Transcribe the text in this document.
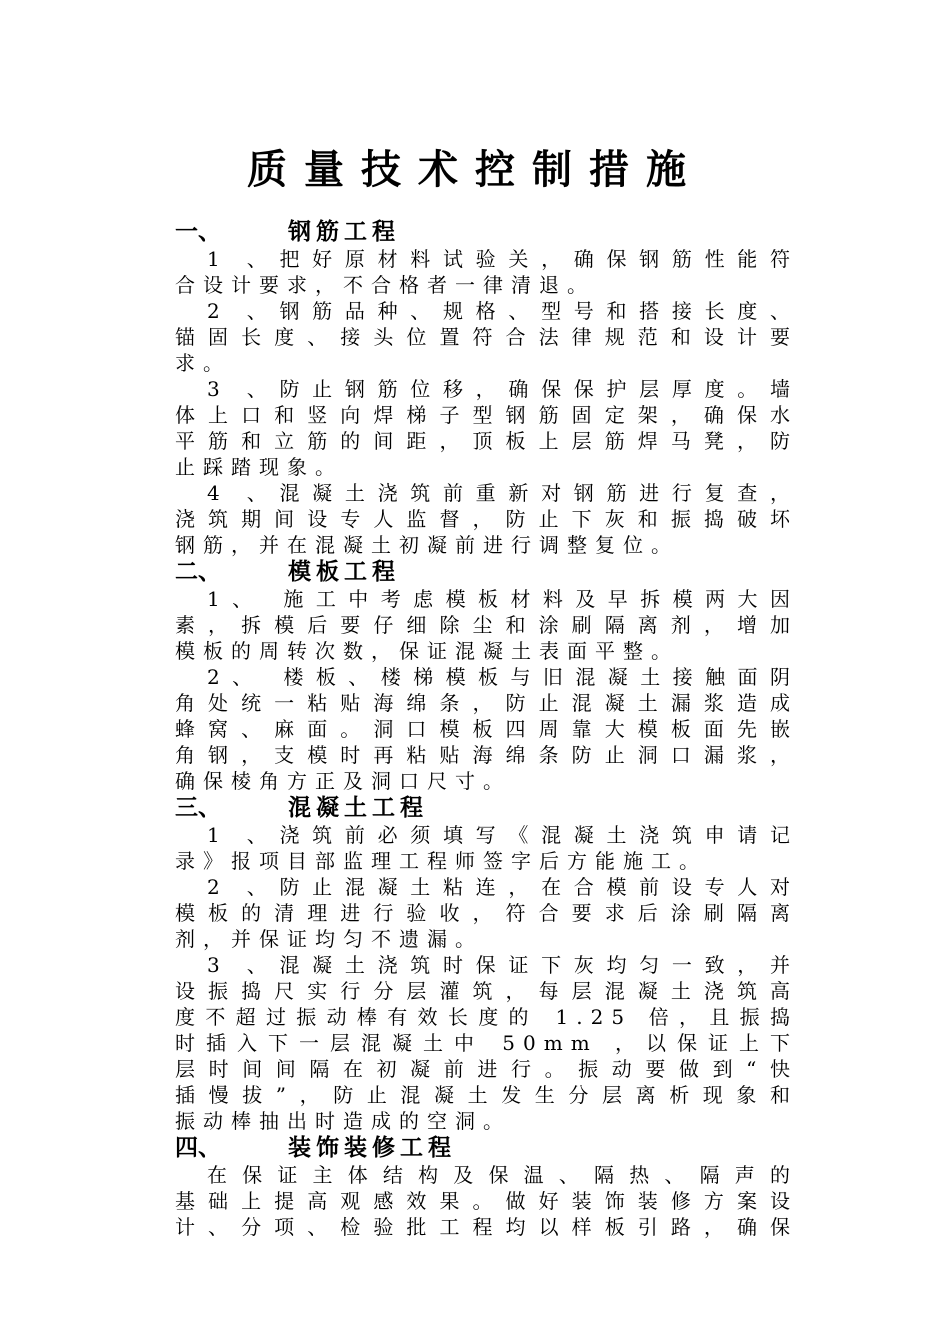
质量技术控制措施
一、	钢筋工程
1 、把好原材料试验关，确保钢筋性能符
合设计要求，不合格者一律清退。
2 、钢筋品种、规格、型号和搭接长度、
锚固长度、接头位置符合法律规范和设计要
求。
3 、防止钢筋位移，确保保护层厚度。墙
体上口和竖向焊梯子型钢筋固定架，确保水
平筋和立筋的间距，顶板上层筋焊马凳，防
止踩踏现象。
4 、混凝土浇筑前重新对钢筋进行复查，
浇筑期间设专人监督，防止下灰和振捣破坏
钢筋，并在混凝土初凝前进行调整复位。
二、	模板工程
1、 施工中考虑模板材料及早拆模两大因
素，拆模后要仔细除尘和涂刷隔离剂，增加
模板的周转次数，保证混凝土表面平整。
2、 楼板、楼梯模板与旧混凝土接触面阴
角处统一粘贴海绵条，防止混凝土漏浆造成
蜂窝、麻面。洞口模板四周靠大模板面先嵌
角钢，支模时再粘贴海绵条防止洞口漏浆，
确保棱角方正及洞口尺寸。
三、	混凝土工程
1 、浇筑前必须填写《混凝土浇筑申请记
录》报项目部监理工程师签字后方能施工。
2 、防止混凝土粘连，在合模前设专人对
模板的清理进行验收，符合要求后涂刷隔离
剂，并保证均匀不遗漏。
3 、混凝土浇筑时保证下灰均匀一致，并
设振捣尺实行分层灌筑，每层混凝土浇筑高
度不超过振动棒有效长度的 1.25 倍，且振捣
时插入下一层混凝土中 50mm ，以保证上下
层时间间隔在初凝前进行。振动要做到“快
插慢拔”，防止混凝土发生分层离析现象和
振动棒抽出时造成的空洞。
四、	装饰装修工程
在保证主体结构及保温、隔热、隔声的
基础上提高观感效果。做好装饰装修方案设
计、分项、检验批工程均以样板引路，确保
